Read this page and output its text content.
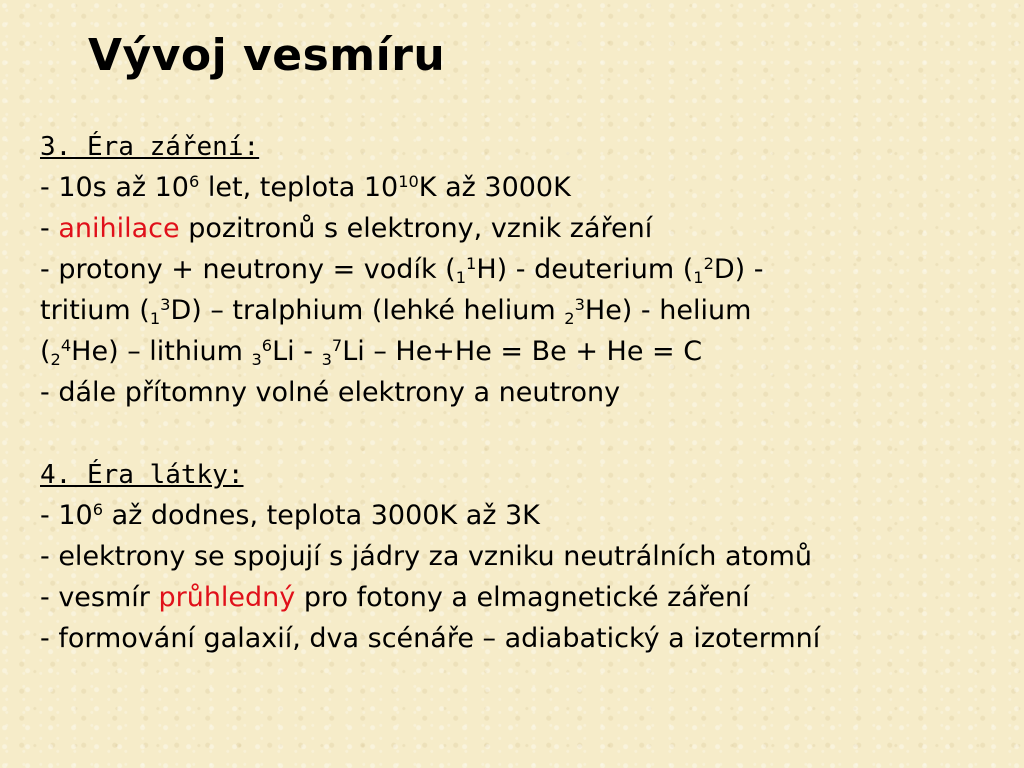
Vývoj vesmíru
3. Éra záření:
- 10s až $10^6$ let, teplota $10^{10}K$ až 3000K
- anihilace pozitronů s elektrony, vznik záření
- protony + neutrony = vodík $(_1^1H)$ - deuterium $(_1^2D)$ -
tritium $(_1^3D)$ – tralphium (lehké helium $_2^3$He) - helium
$(_2^4He)$ – lithium $_3^6$Li - $_3^7$Li – He+He = Be + He = C
- dále přítomny volné elektrony a neutrony
4. Éra látky:
- $10^6$ až dodnes, teplota 3000K až 3K
- elektrony se spojují s jádry za vzniku neutrálních atomů
- vesmír průhledný pro fotony a elmagnetické záření
- formování galaxií, dva scénáře – adiabatický a izotermní
